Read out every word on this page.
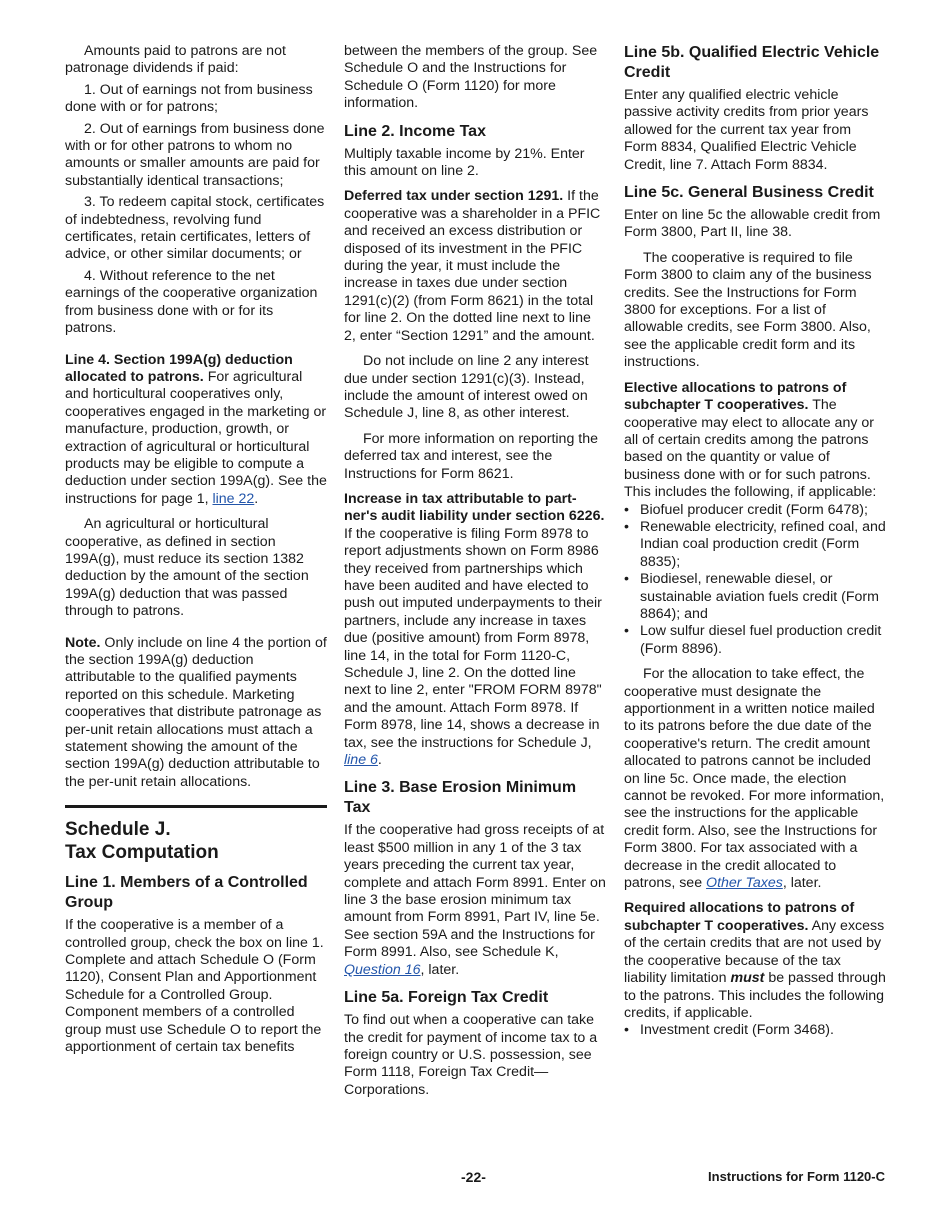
Amounts paid to patrons are not patronage dividends if paid:

1. Out of earnings not from business done with or for patrons;

2. Out of earnings from business done with or for other patrons to whom no amounts or smaller amounts are paid for substantially identical transactions;

3. To redeem capital stock, certificates of indebtedness, revolving fund certificates, retain certificates, letters of advice, or other similar documents; or

4. Without reference to the net earnings of the cooperative organization from business done with or for its patrons.

Line 4. Section 199A(g) deduction allocated to patrons. For agricultural and horticultural cooperatives only, cooperatives engaged in the marketing or manufacture, production, growth, or extraction of agricultural or horticultural products may be eligible to compute a deduction under section 199A(g). See the instructions for page 1, line 22.

An agricultural or horticultural cooperative, as defined in section 199A(g), must reduce its section 1382 deduction by the amount of the section 199A(g) deduction that was passed through to patrons.

Note. Only include on line 4 the portion of the section 199A(g) deduction attributable to the qualified payments reported on this schedule. Marketing cooperatives that distribute patronage as per-unit retain allocations must attach a statement showing the amount of the section 199A(g) deduction attributable to the per-unit retain allocations.

Schedule J.
Tax Computation
Line 1. Members of a Controlled Group

If the cooperative is a member of a controlled group, check the box on line 1. Complete and attach Schedule O (Form 1120), Consent Plan and Apportionment Schedule for a Controlled Group. Component members of a controlled group must use Schedule O to report the apportionment of certain tax benefits

between the members of the group. See Schedule O and the Instructions for Schedule O (Form 1120) for more information.

Line 2. Income Tax

Multiply taxable income by 21%. Enter this amount on line 2.

Deferred tax under section 1291. If the cooperative was a shareholder in a PFIC and received an excess distribution or disposed of its investment in the PFIC during the year, it must include the increase in taxes due under section 1291(c)(2) (from Form 8621) in the total for line 2. On the dotted line next to line 2, enter “Section 1291” and the amount.

Do not include on line 2 any interest due under section 1291(c)(3). Instead, include the amount of interest owed on Schedule J, line 8, as other interest.

For more information on reporting the deferred tax and interest, see the Instructions for Form 8621.

Increase in tax attributable to part-ner's audit liability under section 6226. If the cooperative is filing Form 8978 to report adjustments shown on Form 8986 they received from partnerships which have been audited and have elected to push out imputed underpayments to their partners, include any increase in taxes due (positive amount) from Form 8978, line 14, in the total for Form 1120-C, Schedule J, line 2. On the dotted line next to line 2, enter "FROM FORM 8978" and the amount. Attach Form 8978. If Form 8978, line 14, shows a decrease in tax, see the instructions for Schedule J, line 6.

Line 3. Base Erosion Minimum Tax

If the cooperative had gross receipts of at least $500 million in any 1 of the 3 tax years preceding the current tax year, complete and attach Form 8991. Enter on line 3 the base erosion minimum tax amount from Form 8991, Part IV, line 5e. See section 59A and the Instructions for Form 8991. Also, see Schedule K, Question 16, later.

Line 5a. Foreign Tax Credit

To find out when a cooperative can take the credit for payment of income tax to a foreign country or U.S. possession, see Form 1118, Foreign Tax Credit—Corporations.

Line 5b. Qualified Electric Vehicle Credit

Enter any qualified electric vehicle passive activity credits from prior years allowed for the current tax year from Form 8834, Qualified Electric Vehicle Credit, line 7. Attach Form 8834.

Line 5c. General Business Credit

Enter on line 5c the allowable credit from Form 3800, Part II, line 38.

The cooperative is required to file Form 3800 to claim any of the business credits. See the Instructions for Form 3800 for exceptions. For a list of allowable credits, see Form 3800. Also, see the applicable credit form and its instructions.

Elective allocations to patrons of subchapter T cooperatives. The cooperative may elect to allocate any or all of certain credits among the patrons based on the quantity or value of business done with or for such patrons. This includes the following, if applicable:

• Biofuel producer credit (Form 6478);
• Renewable electricity, refined coal, and Indian coal production credit (Form 8835);
• Biodiesel, renewable diesel, or sustainable aviation fuels credit (Form 8864); and
• Low sulfur diesel fuel production credit (Form 8896).

For the allocation to take effect, the cooperative must designate the apportionment in a written notice mailed to its patrons before the due date of the cooperative's return. The credit amount allocated to patrons cannot be included on line 5c. Once made, the election cannot be revoked. For more information, see the instructions for the applicable credit form. Also, see the Instructions for Form 3800. For tax associated with a decrease in the credit allocated to patrons, see Other Taxes, later.

Required allocations to patrons of subchapter T cooperatives. Any excess of the certain credits that are not used by the cooperative because of the tax liability limitation must be passed through to the patrons. This includes the following credits, if applicable.

• Investment credit (Form 3468).
-22-	Instructions for Form 1120-C
